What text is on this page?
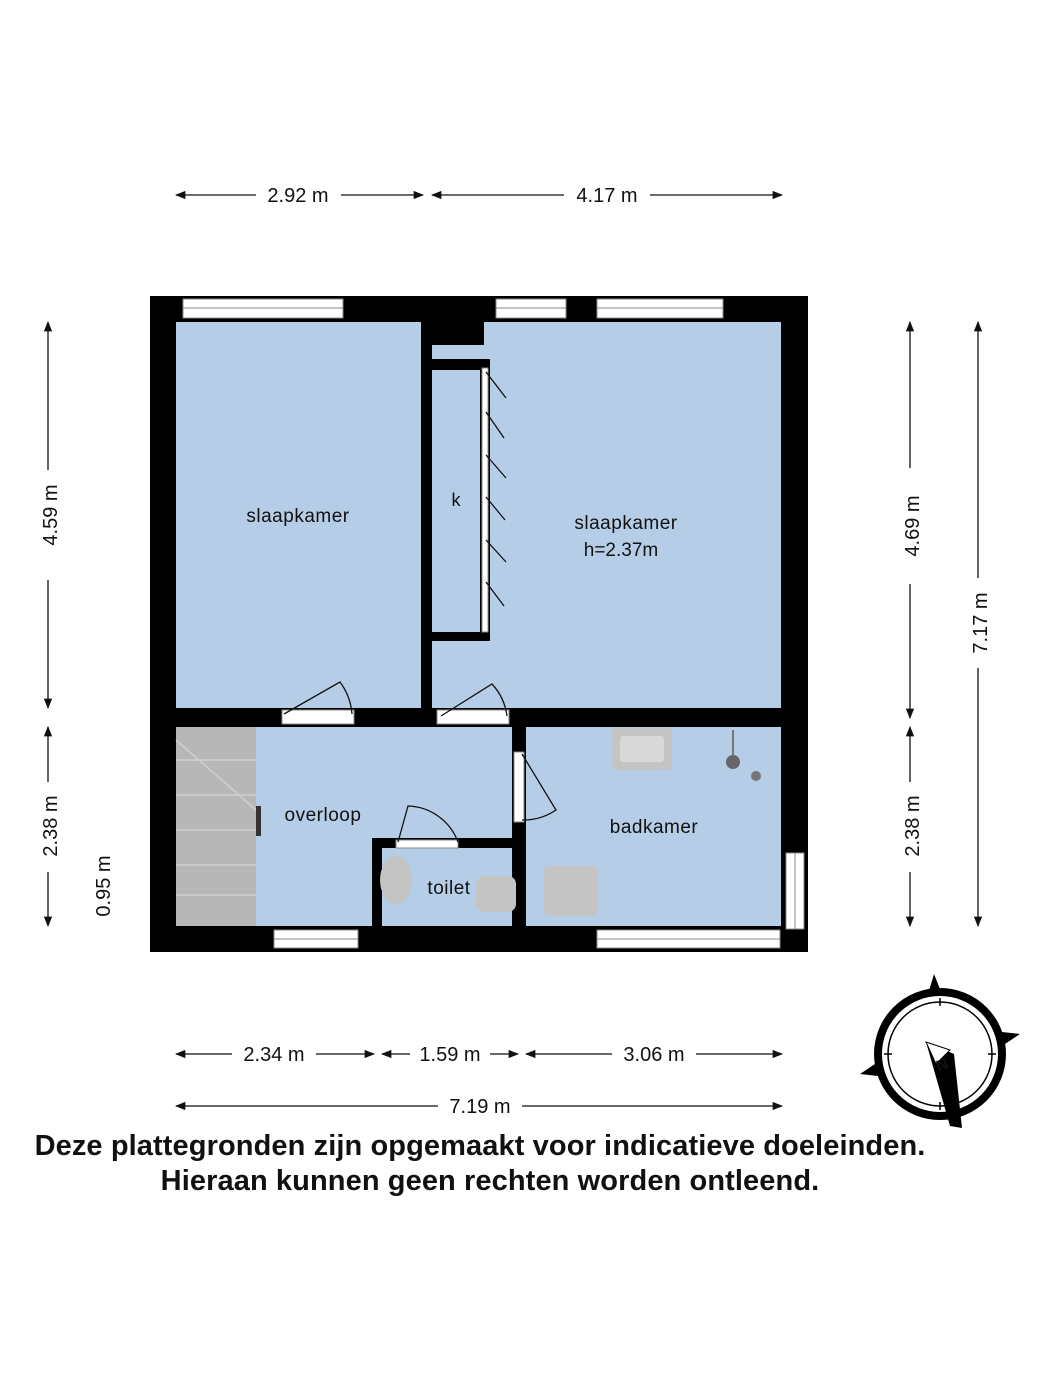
slaapkamer
k
slaapkamer
h=2.37m
overloop
toilet
badkamer
2.92 m	4.17 m
2.34 m	1.59 m	3.06 m
7.19 m
4.59 m
2.38 m
0.95 m
4.69 m
2.38 m
7.17 m
N
Deze plattegronden zijn opgemaakt voor indicatieve doeleinden.
Hieraan kunnen geen rechten worden ontleend.
